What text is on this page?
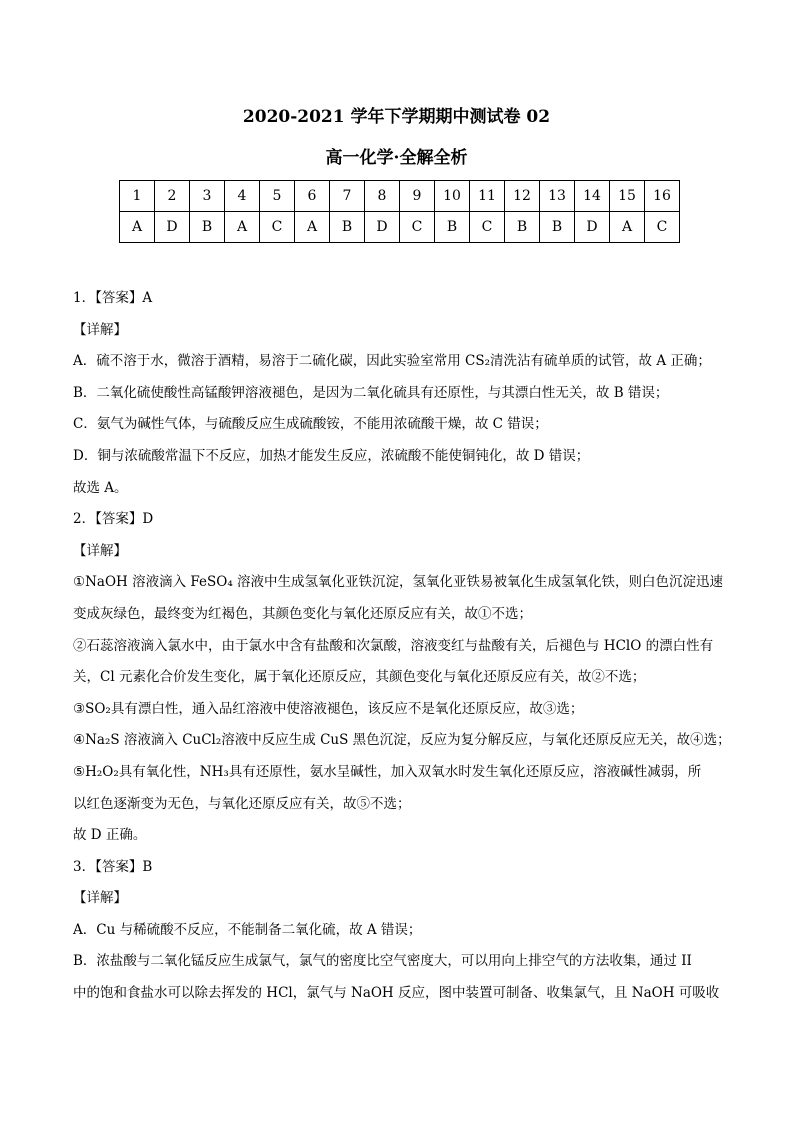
2020-2021 学年下学期期中测试卷 02
高一化学·全解全析
1	2	3	4	5	6	7	8	9	10	11	12	13	14	15	16
A	D	B	A	C	A	B	D	C	B	C	B	B	D	A	C
1．【答案】A
【详解】
A．硫不溶于水，微溶于酒精，易溶于二硫化碳，因此实验室常用 CS₂清洗沾有硫单质的试管，故 A 正确；
B．二氧化硫使酸性高锰酸钾溶液褪色，是因为二氧化硫具有还原性，与其漂白性无关，故 B 错误；
C．氨气为碱性气体，与硫酸反应生成硫酸铵，不能用浓硫酸干燥，故 C 错误；
D．铜与浓硫酸常温下不反应，加热才能发生反应，浓硫酸不能使铜钝化，故 D 错误；
故选 A。
2．【答案】D
【详解】
①NaOH 溶液滴入 FeSO₄ 溶液中生成氢氧化亚铁沉淀，氢氧化亚铁易被氧化生成氢氧化铁，则白色沉淀迅速
变成灰绿色，最终变为红褐色，其颜色变化与氧化还原反应有关，故①不选；
②石蕊溶液滴入氯水中，由于氯水中含有盐酸和次氯酸，溶液变红与盐酸有关，后褪色与 HClO 的漂白性有
关，Cl 元素化合价发生变化，属于氧化还原反应，其颜色变化与氧化还原反应有关，故②不选；
③SO₂具有漂白性，通入品红溶液中使溶液褪色，该反应不是氧化还原反应，故③选；
④Na₂S 溶液滴入 CuCl₂溶液中反应生成 CuS 黑色沉淀，反应为复分解反应，与氧化还原反应无关，故④选；
⑤H₂O₂具有氧化性，NH₃具有还原性，氨水呈碱性，加入双氧水时发生氧化还原反应，溶液碱性减弱，所
以红色逐渐变为无色，与氧化还原反应有关，故⑤不选；
故 D 正确。
3．【答案】B
【详解】
A．Cu 与稀硫酸不反应，不能制备二氧化硫，故 A 错误；
B．浓盐酸与二氧化锰反应生成氯气，氯气的密度比空气密度大，可以用向上排空气的方法收集，通过 II
中的饱和食盐水可以除去挥发的 HCl，氯气与 NaOH 反应，图中装置可制备、收集氯气，且 NaOH 可吸收
